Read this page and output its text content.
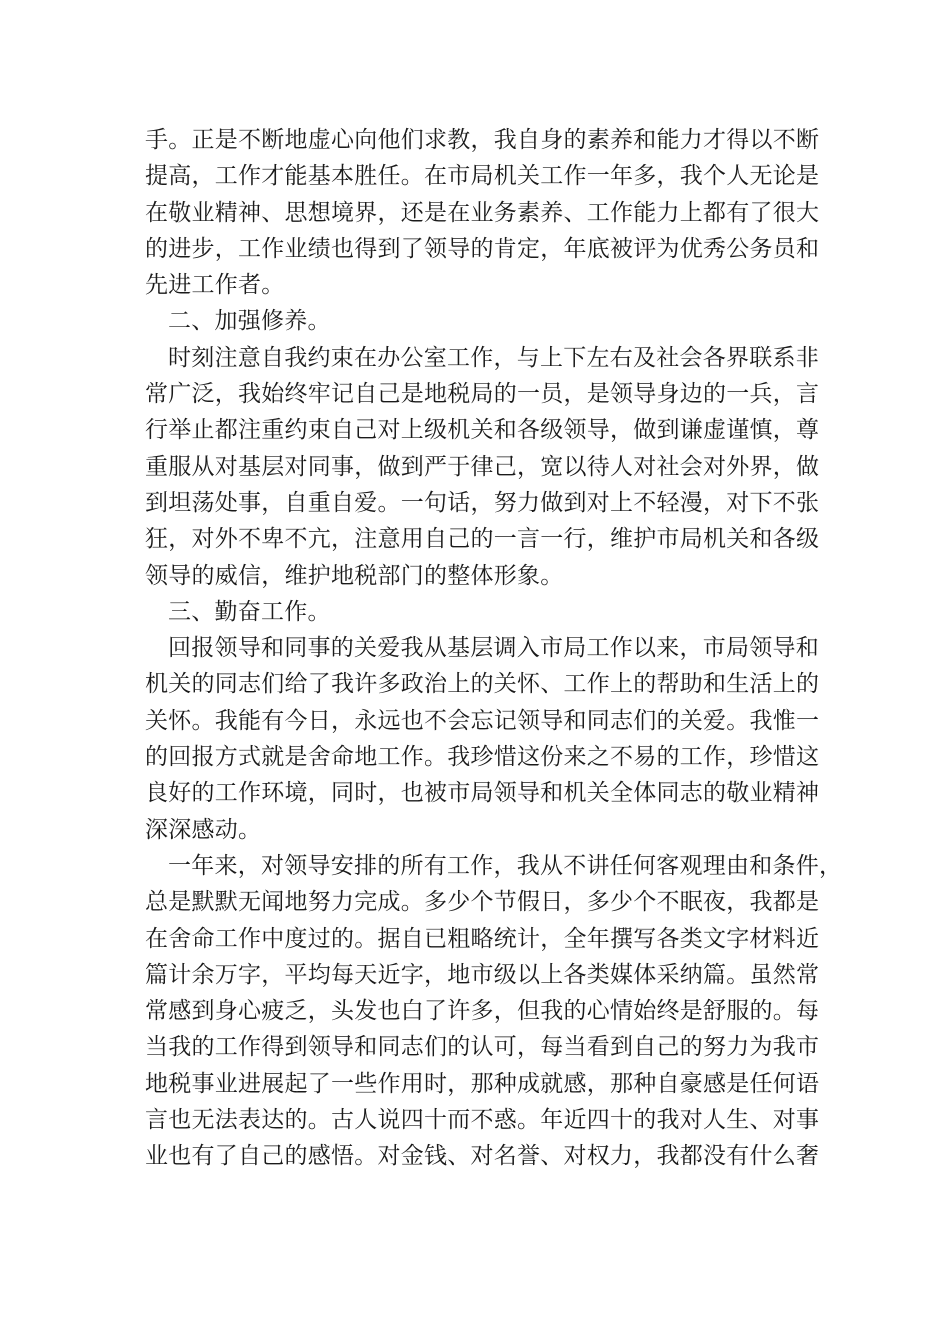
手。正是不断地虚心向他们求教，我自身的素养和能力才得以不断
提高，工作才能基本胜任。在市局机关工作一年多，我个人无论是
在敬业精神、思想境界，还是在业务素养、工作能力上都有了很大
的进步，工作业绩也得到了领导的肯定，年底被评为优秀公务员和
先进工作者。
二、加强修养。
时刻注意自我约束在办公室工作，与上下左右及社会各界联系非
常广泛，我始终牢记自己是地税局的一员，是领导身边的一兵，言
行举止都注重约束自己对上级机关和各级领导，做到谦虚谨慎，尊
重服从对基层对同事，做到严于律己，宽以待人对社会对外界，做
到坦荡处事，自重自爱。一句话，努力做到对上不轻漫，对下不张
狂，对外不卑不亢，注意用自己的一言一行，维护市局机关和各级
领导的威信，维护地税部门的整体形象。
三、勤奋工作。
回报领导和同事的关爱我从基层调入市局工作以来，市局领导和
机关的同志们给了我许多政治上的关怀、工作上的帮助和生活上的
关怀。我能有今日，永远也不会忘记领导和同志们的关爱。我惟一
的回报方式就是舍命地工作。我珍惜这份来之不易的工作，珍惜这
良好的工作环境，同时，也被市局领导和机关全体同志的敬业精神
深深感动。
一年来，对领导安排的所有工作，我从不讲任何客观理由和条件，
总是默默无闻地努力完成。多少个节假日，多少个不眠夜，我都是
在舍命工作中度过的。据自已粗略统计，全年撰写各类文字材料近
篇计余万字，平均每天近字，地市级以上各类媒体采纳篇。虽然常
常感到身心疲乏，头发也白了许多，但我的心情始终是舒服的。每
当我的工作得到领导和同志们的认可，每当看到自己的努力为我市
地税事业进展起了一些作用时，那种成就感，那种自豪感是任何语
言也无法表达的。古人说四十而不惑。年近四十的我对人生、对事
业也有了自己的感悟。对金钱、对名誉、对权力，我都没有什么奢
